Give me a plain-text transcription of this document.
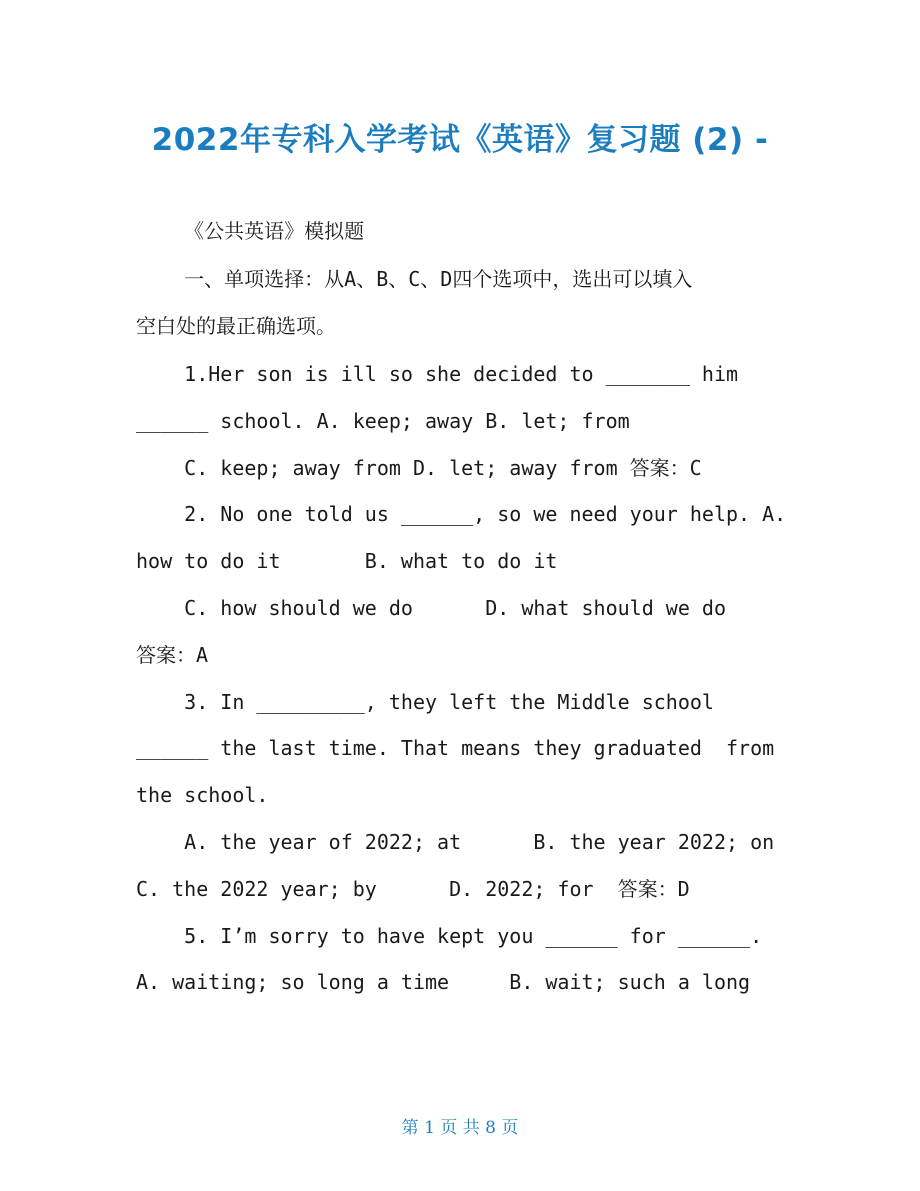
2022年专科入学考试《英语》复习题 (2) -
《公共英语》模拟题
一、单项选择：从A、B、C、D四个选项中，选出可以填入
空白处的最正确选项。
1.Her son is ill so she decided to _______ him
______ school. A. keep; away B. let; from
C. keep; away from D. let; away from 答案：C
2. No one told us ______, so we need your help. A.
how to do it       B. what to do it
C. how should we do      D. what should we do
答案：A
3. In _________, they left the Middle school
______ the last time. That means they graduated  from
the school.
A. the year of 2022; at      B. the year 2022; on
C. the 2022 year; by      D. 2022; for  答案：D
5. I’m sorry to have kept you ______ for ______.
A. waiting; so long a time     B. wait; such a long
第 1 页 共 8 页
